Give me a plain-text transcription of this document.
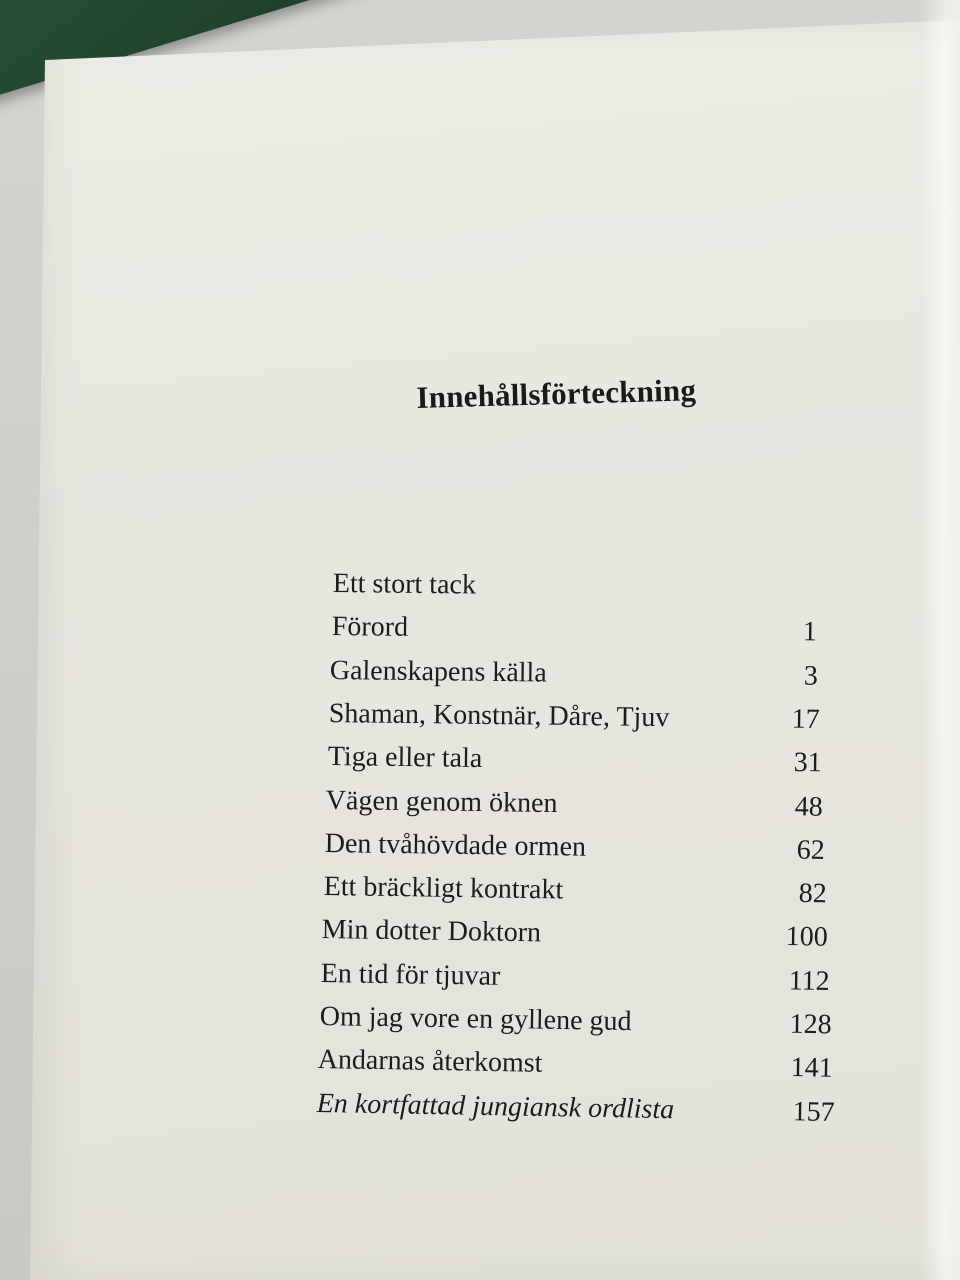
Innehållsförteckning
Ett stort tack
Förord	1
Galenskapens källa	3
Shaman, Konstnär, Dåre, Tjuv	17
Tiga eller tala	31
Vägen genom öknen	48
Den tvåhövdade ormen	62
Ett bräckligt kontrakt	82
Min dotter Doktorn	100
En tid för tjuvar	112
Om jag vore en gyllene gud	128
Andarnas återkomst	141
En kortfattad jungiansk ordlista	157
